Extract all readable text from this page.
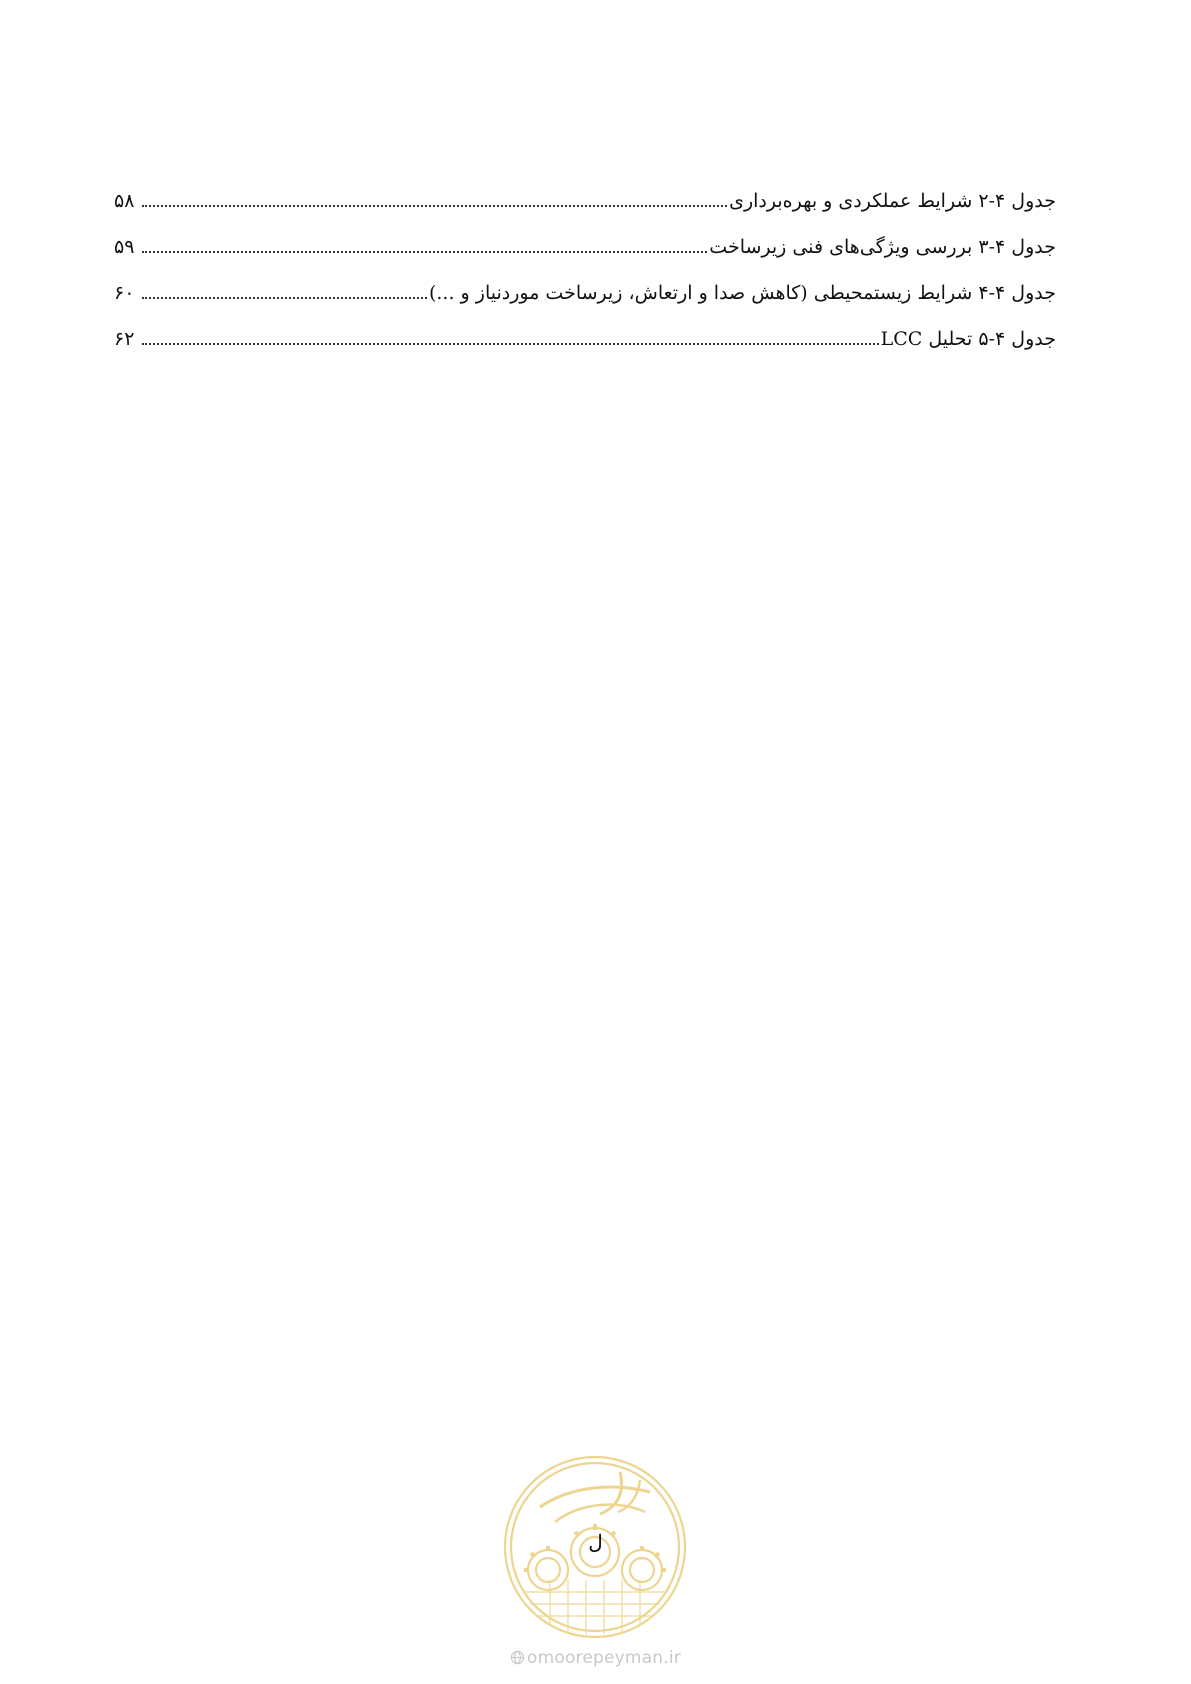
جدول ۴-۲ شرایط عملکردی و بهره‌برداری
۵۸
جدول ۴-۳ بررسی ویژگی‌های فنی زیرساخت
۵۹
جدول ۴-۴ شرایط زیستمحیطی (کاهش صدا و ارتعاش، زیرساخت موردنیاز و ...)
۶۰
جدول ۴-۵ تحلیل LCC
۶۲
ل
omoorepeyman.ir
